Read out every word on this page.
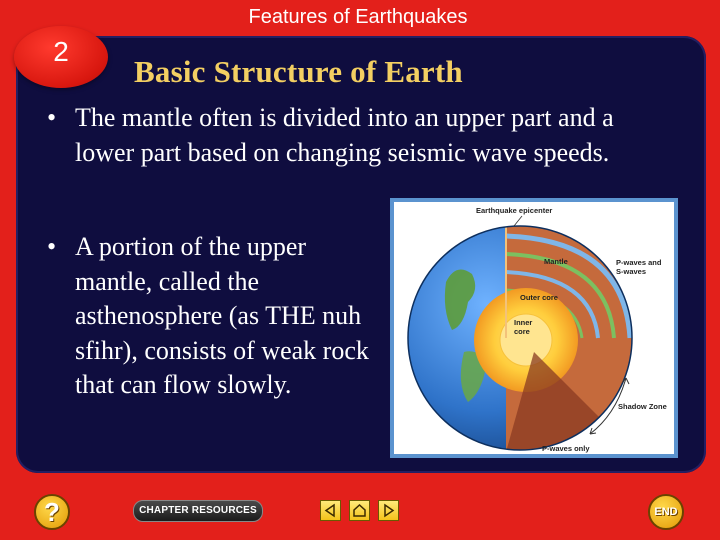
Features of Earthquakes
2
Basic Structure of Earth
• The mantle often is divided into an upper part and a lower part based on changing seismic wave speeds.
• A portion of the upper mantle, called the asthenosphere (as THE nuh sfihr), consists of weak rock that can flow slowly.
Earthquake epicenter
Mantle	P-waves and S-waves
Outer core
Inner core
Shadow Zone
P-waves only
?	CHAPTER RESOURCES	END
